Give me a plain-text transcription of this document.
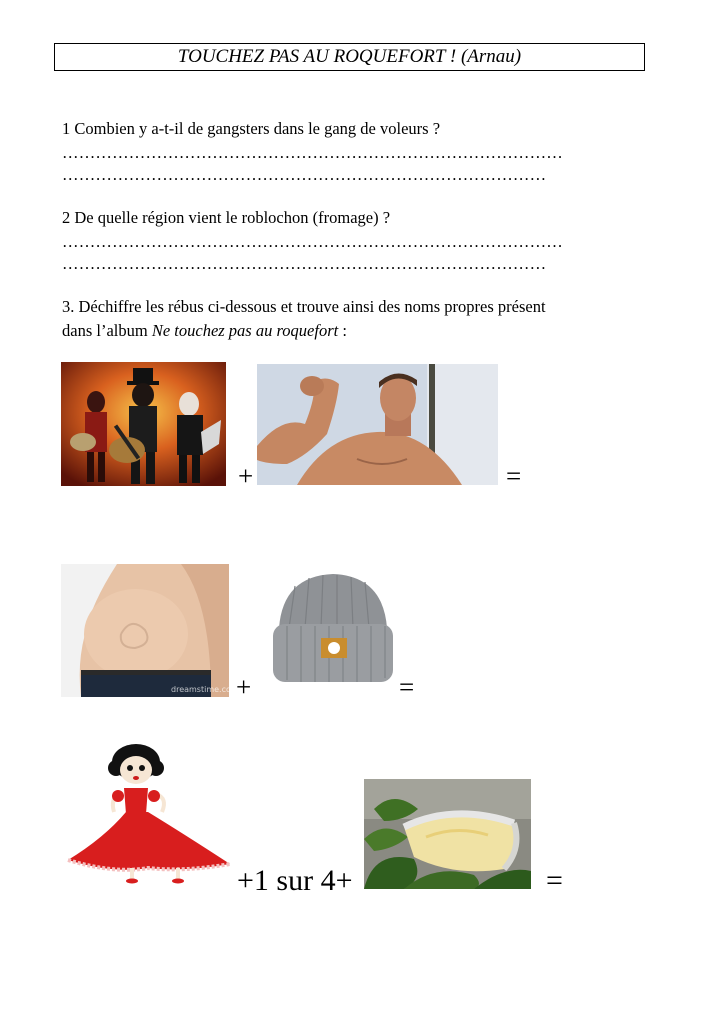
TOUCHEZ PAS AU ROQUEFORT ! (Arnau)
1 Combien y a-t-il de gangsters dans le gang de voleurs ?
………………………………………………………………………………
……………………………………………………………………………
2 De quelle région vient le roblochon (fromage) ?
………………………………………………………………………………
……………………………………………………………………………
3. Déchiffre les rébus ci-dessous et trouve ainsi des noms propres présent
dans l’album Ne touchez pas au roquefort :
+	=
dreamstime.com
+	=
+1 sur 4+	=
